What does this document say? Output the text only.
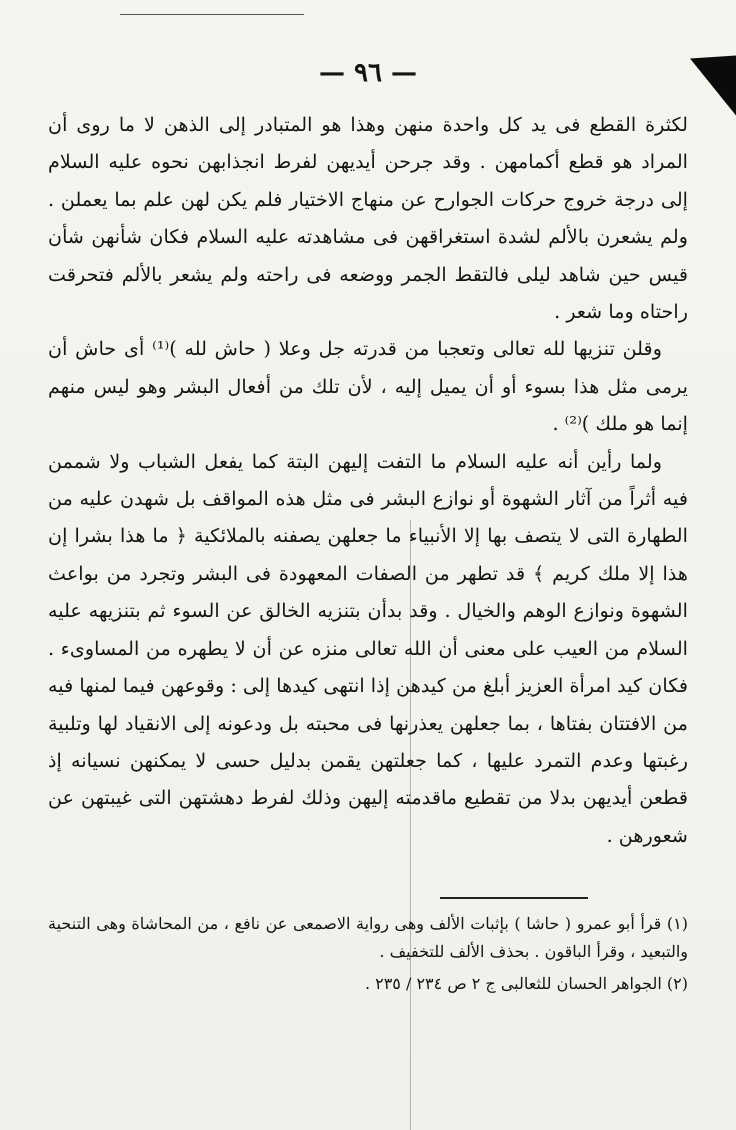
— ٩٦ —

لكثرة القطع فى يد كل واحدة منهن وهذا هو المتبادر إلى الذهن لا ما روى أن المراد هو قطع أكمامهن . وقد جرحن أيديهن لفرط انجذابهن نحوه عليه السلام إلى درجة خروج حركات الجوارح عن منهاج الاختيار فلم يكن لهن علم بما يعملن . ولم يشعرن بالألم لشدة استغراقهن فى مشاهدته عليه السلام فكان شأنهن شأن قيس حين شاهد ليلى فالتقط الجمر ووضعه فى راحته ولم يشعر بالألم فتحرقت راحتاه وما شعر .

وقلن تنزيها لله تعالى وتعجبا من قدرته جل وعلا ( حاش لله )⁽¹⁾ أى حاش أن يرمى مثل هذا بسوء أو أن يميل إليه ، لأن تلك من أفعال البشر وهو ليس منهم إنما هو ملك )⁽²⁾ .

ولما رأين أنه عليه السلام ما التفت إليهن البتة كما يفعل الشباب ولا شممن فيه أثراً من آثار الشهوة أو نوازع البشر فى مثل هذه المواقف بل شهدن عليه من الطهارة التى لا يتصف بها إلا الأنبياء ما جعلهن يصفنه بالملائكية ﴿ ما هذا بشرا إن هذا إلا ملك كريم ﴾ قد تطهر من الصفات المعهودة فى البشر وتجرد من بواعث الشهوة ونوازع الوهم والخيال . وقد بدأن بتنزيه الخالق عن السوء ثم بتنزيهه عليه السلام من العيب على معنى أن الله تعالى منزه عن أن لا يطهره من المساوىء . فكان كيد امرأة العزيز أبلغ من كيدهن إذا انتهى كيدها إلى : وقوعهن فيما لمنها فيه من الافتتان بفتاها ، بما جعلهن يعذرنها فى محبته بل ودعونه إلى الانقياد لها وتلبية رغبتها وعدم التمرد عليها ، كما جعلتهن يقمن بدليل حسى لا يمكنهن نسيانه إذ قطعن أيديهن بدلا من تقطيع ماقدمته إليهن وذلك لفرط دهشتهن التى غيبتهن عن شعورهن .

(١) قرأ أبو عمرو ( حاشا ) بإثبات الألف وهى رواية الاصمعى عن نافع ، من المحاشاة وهى التنحية والتبعيد ، وقرأ الباقون . بحذف الألف للتخفيف .

(٢) الجواهر الحسان للثعالبى ج ٢ ص ٢٣٤ / ٢٣٥ .
